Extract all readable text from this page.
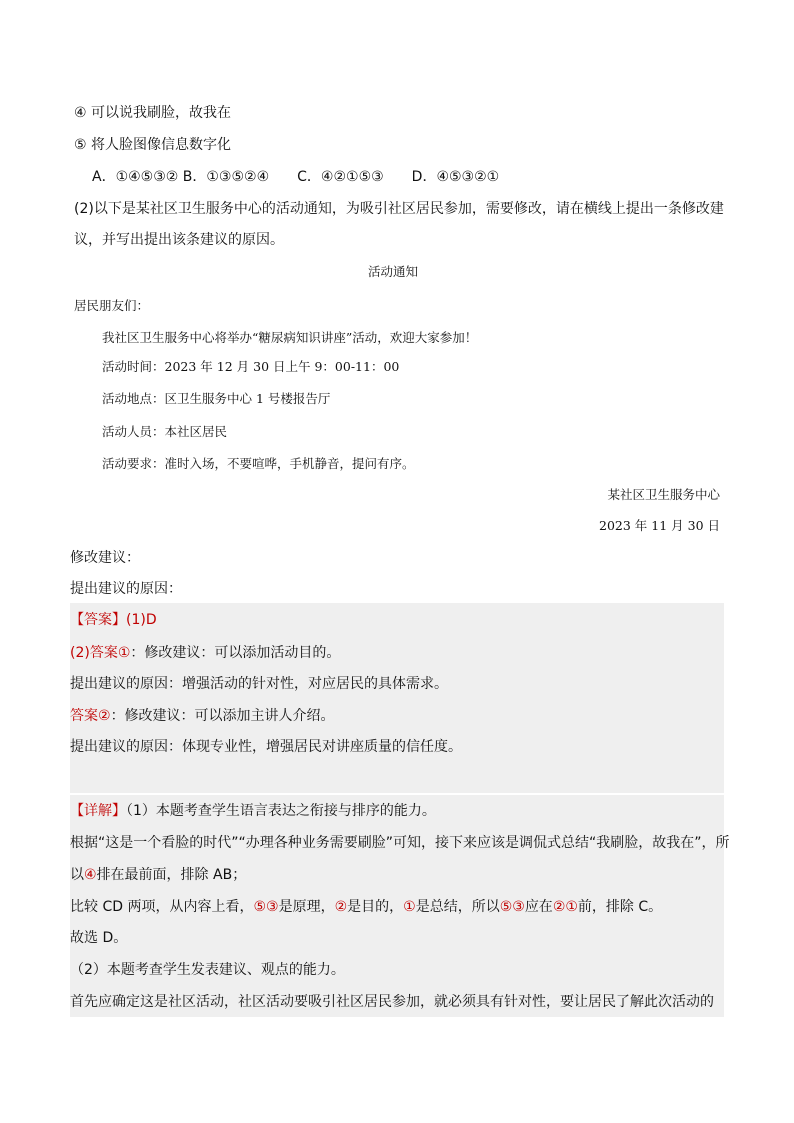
④ 可以说我刷脸，故我在
⑤ 将人脸图像信息数字化
A．①④⑤③② B．①③⑤②④　　C．④②①⑤③　　D．④⑤③②①
(2)以下是某社区卫生服务中心的活动通知，为吸引社区居民参加，需要修改，请在横线上提出一条修改建
议，并写出提出该条建议的原因。
活动通知
居民朋友们：
我社区卫生服务中心将举办“糖尿病知识讲座”活动，欢迎大家参加！
活动时间：2023 年 12 月 30 日上午 9：00-11：00
活动地点：区卫生服务中心 1 号楼报告厅
活动人员：本社区居民
活动要求：准时入场，不要喧哗，手机静音，提问有序。
某社区卫生服务中心
2023 年 11 月 30 日
修改建议：
提出建议的原因：
【答案】(1)D
(2)答案①：修改建议：可以添加活动目的。
提出建议的原因：增强活动的针对性，对应居民的具体需求。
答案②：修改建议：可以添加主讲人介绍。
提出建议的原因：体现专业性，增强居民对讲座质量的信任度。
【详解】（1）本题考查学生语言表达之衔接与排序的能力。
根据“这是一个看脸的时代”“办理各种业务需要刷脸”可知，接下来应该是调侃式总结“我刷脸，故我在”，所
以④排在最前面，排除 AB；
比较 CD 两项，从内容上看，⑤③是原理，②是目的，①是总结，所以⑤③应在②①前，排除 C。
故选 D。
（2）本题考查学生发表建议、观点的能力。
首先应确定这是社区活动，社区活动要吸引社区居民参加，就必须具有针对性，要让居民了解此次活动的
